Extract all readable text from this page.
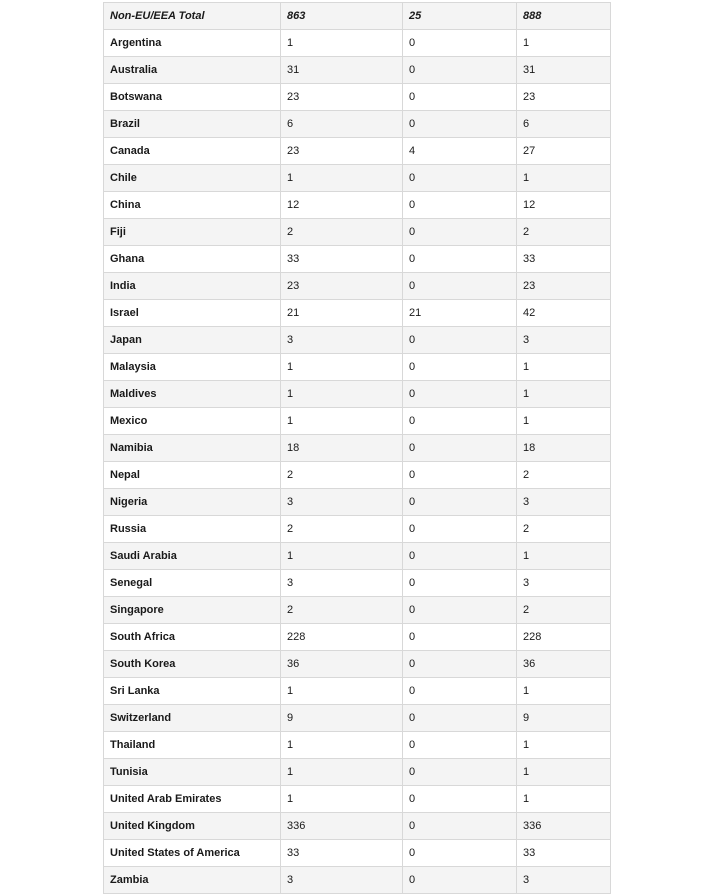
Non-EU/EEA Total	863	25	888
Argentina	1	0	1
Australia	31	0	31
Botswana	23	0	23
Brazil	6	0	6
Canada	23	4	27
Chile	1	0	1
China	12	0	12
Fiji	2	0	2
Ghana	33	0	33
India	23	0	23
Israel	21	21	42
Japan	3	0	3
Malaysia	1	0	1
Maldives	1	0	1
Mexico	1	0	1
Namibia	18	0	18
Nepal	2	0	2
Nigeria	3	0	3
Russia	2	0	2
Saudi Arabia	1	0	1
Senegal	3	0	3
Singapore	2	0	2
South Africa	228	0	228
South Korea	36	0	36
Sri Lanka	1	0	1
Switzerland	9	0	9
Thailand	1	0	1
Tunisia	1	0	1
United Arab Emirates	1	0	1
United Kingdom	336	0	336
United States of America	33	0	33
Zambia	3	0	3
